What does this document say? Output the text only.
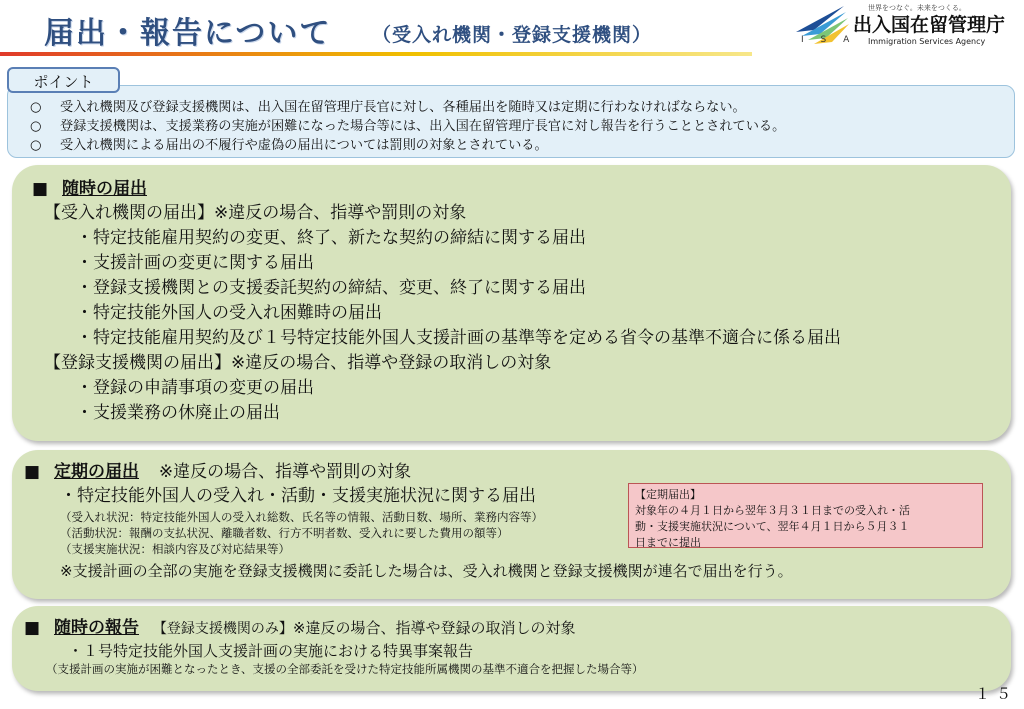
届出・報告について （受入れ機関・登録支援機関）	I S A
世界をつなぐ。未来をつくる。
出入国在留管理庁
Immigration Services Agency
ポイント
○	受入れ機関及び登録支援機関は、出入国在留管理庁長官に対し、各種届出を随時又は定期に行わなければならない。
○	登録支援機関は、支援業務の実施が困難になった場合等には、出入国在留管理庁長官に対し報告を行うこととされている。
○	受入れ機関による届出の不履行や虚偽の届出については罰則の対象とされている。
■ 随時の届出
【受入れ機関の届出】※違反の場合、指導や罰則の対象
・特定技能雇用契約の変更、終了、新たな契約の締結に関する届出
・支援計画の変更に関する届出
・登録支援機関との支援委託契約の締結、変更、終了に関する届出
・特定技能外国人の受入れ困難時の届出
・特定技能雇用契約及び１号特定技能外国人支援計画の基準等を定める省令の基準不適合に係る届出
【登録支援機関の届出】※違反の場合、指導や登録の取消しの対象
・登録の申請事項の変更の届出
・支援業務の休廃止の届出
■ 定期の届出 ※違反の場合、指導や罰則の対象
・特定技能外国人の受入れ・活動・支援実施状況に関する届出
（受入れ状況：特定技能外国人の受入れ総数、氏名等の情報、活動日数、場所、業務内容等）
（活動状況：報酬の支払状況、離職者数、行方不明者数、受入れに要した費用の額等）
（支援実施状況：相談内容及び対応結果等）
※支援計画の全部の実施を登録支援機関に委託した場合は、受入れ機関と登録支援機関が連名で届出を行う。
【定期届出】
対象年の４月１日から翌年３月３１日までの受入れ・活
動・支援実施状況について、翌年４月１日から５月３１
日までに提出
■ 随時の報告 【登録支援機関のみ】※違反の場合、指導や登録の取消しの対象
・１号特定技能外国人支援計画の実施における特異事案報告
（支援計画の実施が困難となったとき、支援の全部委託を受けた特定技能所属機関の基準不適合を把握した場合等）
１５
